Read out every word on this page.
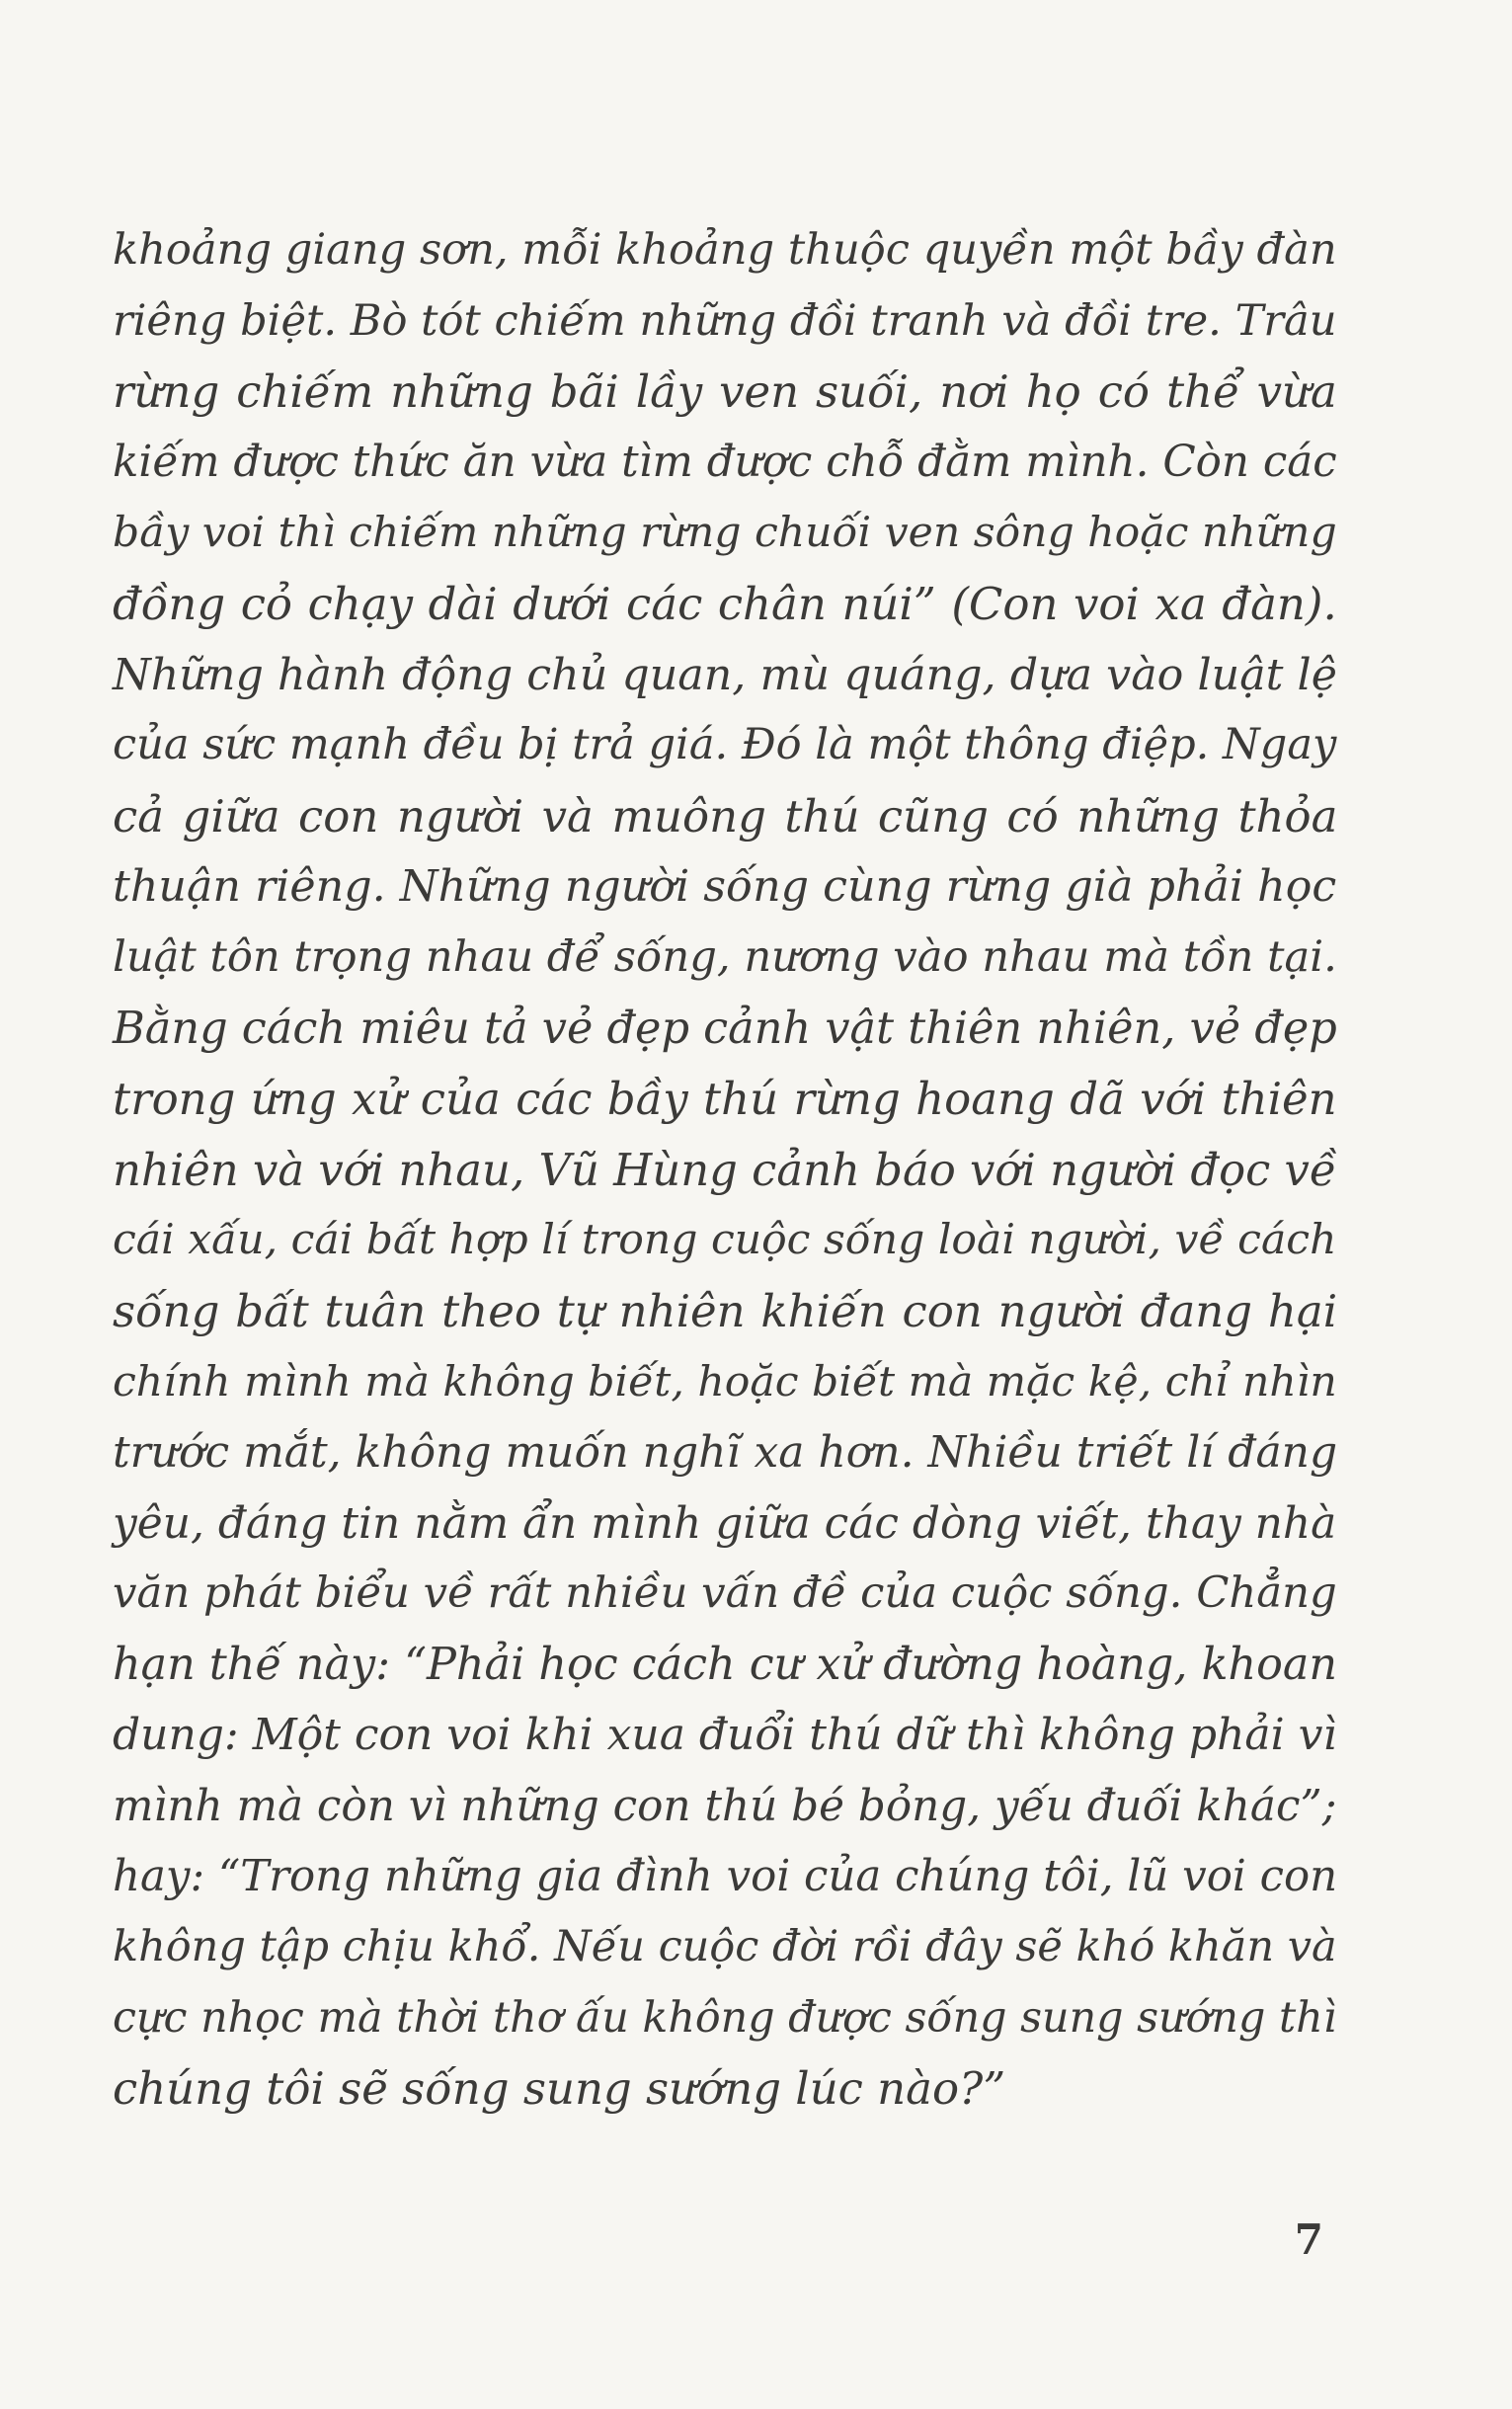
khoảng giang sơn, mỗi khoảng thuộc quyền một bầy đàn
riêng biệt. Bò tót chiếm những đồi tranh và đồi tre. Trâu
rừng chiếm những bãi lầy ven suối, nơi họ có thể vừa
kiếm được thức ăn vừa tìm được chỗ đằm mình. Còn các
bầy voi thì chiếm những rừng chuối ven sông hoặc những
đồng cỏ chạy dài dưới các chân núi” (Con voi xa đàn).
Những hành động chủ quan, mù quáng, dựa vào luật lệ
của sức mạnh đều bị trả giá. Đó là một thông điệp. Ngay
cả giữa con người và muông thú cũng có những thỏa
thuận riêng. Những người sống cùng rừng già phải học
luật tôn trọng nhau để sống, nương vào nhau mà tồn tại.
Bằng cách miêu tả vẻ đẹp cảnh vật thiên nhiên, vẻ đẹp
trong ứng xử của các bầy thú rừng hoang dã với thiên
nhiên và với nhau, Vũ Hùng cảnh báo với người đọc về
cái xấu, cái bất hợp lí trong cuộc sống loài người, về cách
sống bất tuân theo tự nhiên khiến con người đang hại
chính mình mà không biết, hoặc biết mà mặc kệ, chỉ nhìn
trước mắt, không muốn nghĩ xa hơn. Nhiều triết lí đáng
yêu, đáng tin nằm ẩn mình giữa các dòng viết, thay nhà
văn phát biểu về rất nhiều vấn đề của cuộc sống. Chẳng
hạn thế này: “Phải học cách cư xử đường hoàng, khoan
dung: Một con voi khi xua đuổi thú dữ thì không phải vì
mình mà còn vì những con thú bé bỏng, yếu đuối khác”;
hay: “Trong những gia đình voi của chúng tôi, lũ voi con
không tập chịu khổ. Nếu cuộc đời rồi đây sẽ khó khăn và
cực nhọc mà thời thơ ấu không được sống sung sướng thì
chúng tôi sẽ sống sung sướng lúc nào?”
7
